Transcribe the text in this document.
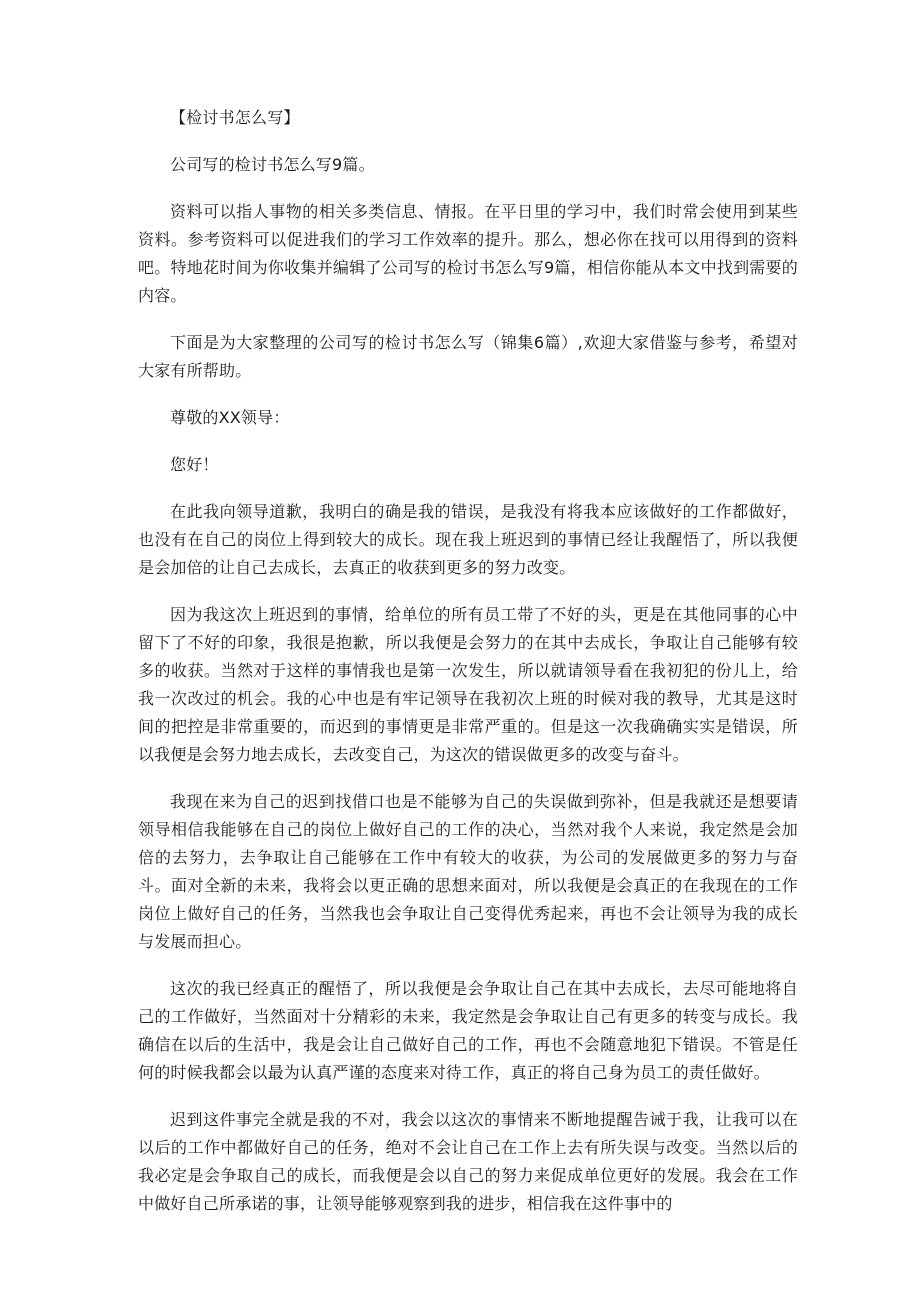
【检讨书怎么写】

公司写的检讨书怎么写9篇。

资料可以指人事物的相关多类信息、情报。在平日里的学习中，我们时常会使用到某些资料。参考资料可以促进我们的学习工作效率的提升。那么，想必你在找可以用得到的资料吧。特地花时间为你收集并编辑了公司写的检讨书怎么写9篇，相信你能从本文中找到需要的内容。

下面是为大家整理的公司写的检讨书怎么写（锦集6篇）,欢迎大家借鉴与参考，希望对大家有所帮助。

尊敬的XX领导：

您好！

在此我向领导道歉，我明白的确是我的错误，是我没有将我本应该做好的工作都做好，也没有在自己的岗位上得到较大的成长。现在我上班迟到的事情已经让我醒悟了，所以我便是会加倍的让自己去成长，去真正的收获到更多的努力改变。

因为我这次上班迟到的事情，给单位的所有员工带了不好的头，更是在其他同事的心中留下了不好的印象，我很是抱歉，所以我便是会努力的在其中去成长，争取让自己能够有较多的收获。当然对于这样的事情我也是第一次发生，所以就请领导看在我初犯的份儿上，给我一次改过的机会。我的心中也是有牢记领导在我初次上班的时候对我的教导，尤其是这时间的把控是非常重要的，而迟到的事情更是非常严重的。但是这一次我确确实实是错误，所以我便是会努力地去成长，去改变自己，为这次的错误做更多的改变与奋斗。

我现在来为自己的迟到找借口也是不能够为自己的失误做到弥补，但是我就还是想要请领导相信我能够在自己的岗位上做好自己的工作的决心，当然对我个人来说，我定然是会加倍的去努力，去争取让自己能够在工作中有较大的收获，为公司的发展做更多的努力与奋斗。面对全新的未来，我将会以更正确的思想来面对，所以我便是会真正的在我现在的工作岗位上做好自己的任务，当然我也会争取让自己变得优秀起来，再也不会让领导为我的成长与发展而担心。

这次的我已经真正的醒悟了，所以我便是会争取让自己在其中去成长，去尽可能地将自己的工作做好，当然面对十分精彩的未来，我定然是会争取让自己有更多的转变与成长。我确信在以后的生活中，我是会让自己做好自己的工作，再也不会随意地犯下错误。不管是任何的时候我都会以最为认真严谨的态度来对待工作，真正的将自己身为员工的责任做好。

迟到这件事完全就是我的不对，我会以这次的事情来不断地提醒告诫于我，让我可以在以后的工作中都做好自己的任务，绝对不会让自己在工作上去有所失误与改变。当然以后的我必定是会争取自己的成长，而我便是会以自己的努力来促成单位更好的发展。我会在工作中做好自己所承诺的事，让领导能够观察到我的进步，相信我在这件事中的
